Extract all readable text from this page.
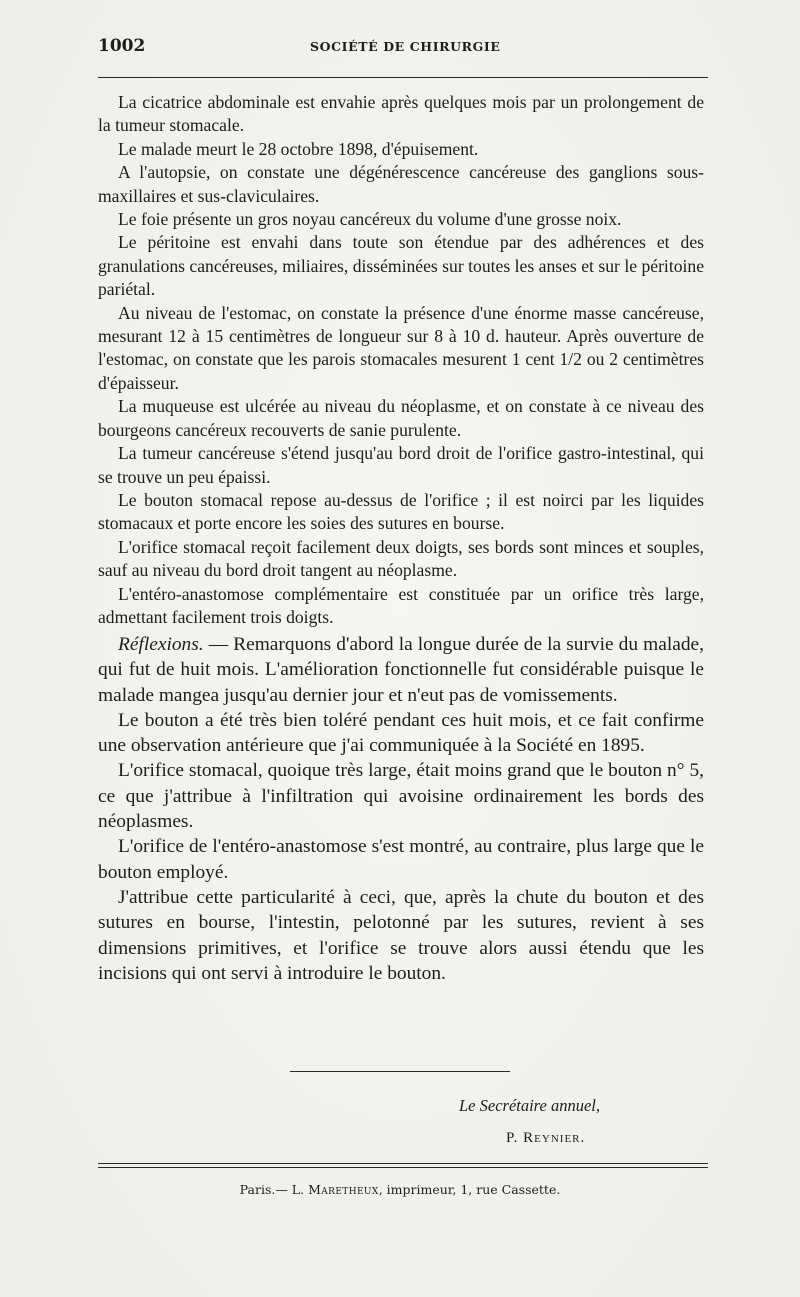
1002	SOCIÉTÉ DE CHIRURGIE

La cicatrice abdominale est envahie après quelques mois par un prolongement de la tumeur stomacale.

Le malade meurt le 28 octobre 1898, d'épuisement.

A l'autopsie, on constate une dégénérescence cancéreuse des ganglions sous-maxillaires et sus-claviculaires.

Le foie présente un gros noyau cancéreux du volume d'une grosse noix.

Le péritoine est envahi dans toute son étendue par des adhérences et des granulations cancéreuses, miliaires, disséminées sur toutes les anses et sur le péritoine pariétal.

Au niveau de l'estomac, on constate la présence d'une énorme masse cancéreuse, mesurant 12 à 15 centimètres de longueur sur 8 à 10 d. hauteur. Après ouverture de l'estomac, on constate que les parois stomacales mesurent 1 cent 1/2 ou 2 centimètres d'épaisseur.

La muqueuse est ulcérée au niveau du néoplasme, et on constate à ce niveau des bourgeons cancéreux recouverts de sanie purulente.

La tumeur cancéreuse s'étend jusqu'au bord droit de l'orifice gastro-intestinal, qui se trouve un peu épaissi.

Le bouton stomacal repose au-dessus de l'orifice ; il est noirci par les liquides stomacaux et porte encore les soies des sutures en bourse.

L'orifice stomacal reçoit facilement deux doigts, ses bords sont minces et souples, sauf au niveau du bord droit tangent au néoplasme.

L'entéro-anastomose complémentaire est constituée par un orifice très large, admettant facilement trois doigts.

Réflexions. — Remarquons d'abord la longue durée de la survie du malade, qui fut de huit mois. L'amélioration fonctionnelle fut considérable puisque le malade mangea jusqu'au dernier jour et n'eut pas de vomissements.

Le bouton a été très bien toléré pendant ces huit mois, et ce fait confirme une observation antérieure que j'ai communiquée à la Société en 1895.

L'orifice stomacal, quoique très large, était moins grand que le bouton n° 5, ce que j'attribue à l'infiltration qui avoisine ordinairement les bords des néoplasmes.

L'orifice de l'entéro-anastomose s'est montré, au contraire, plus large que le bouton employé.

J'attribue cette particularité à ceci, que, après la chute du bouton et des sutures en bourse, l'intestin, pelotonné par les sutures, revient à ses dimensions primitives, et l'orifice se trouve alors aussi étendu que les incisions qui ont servi à introduire le bouton.

Le Secrétaire annuel,
P. Reynier.
Paris.— L. Maretheux, imprimeur, 1, rue Cassette.
